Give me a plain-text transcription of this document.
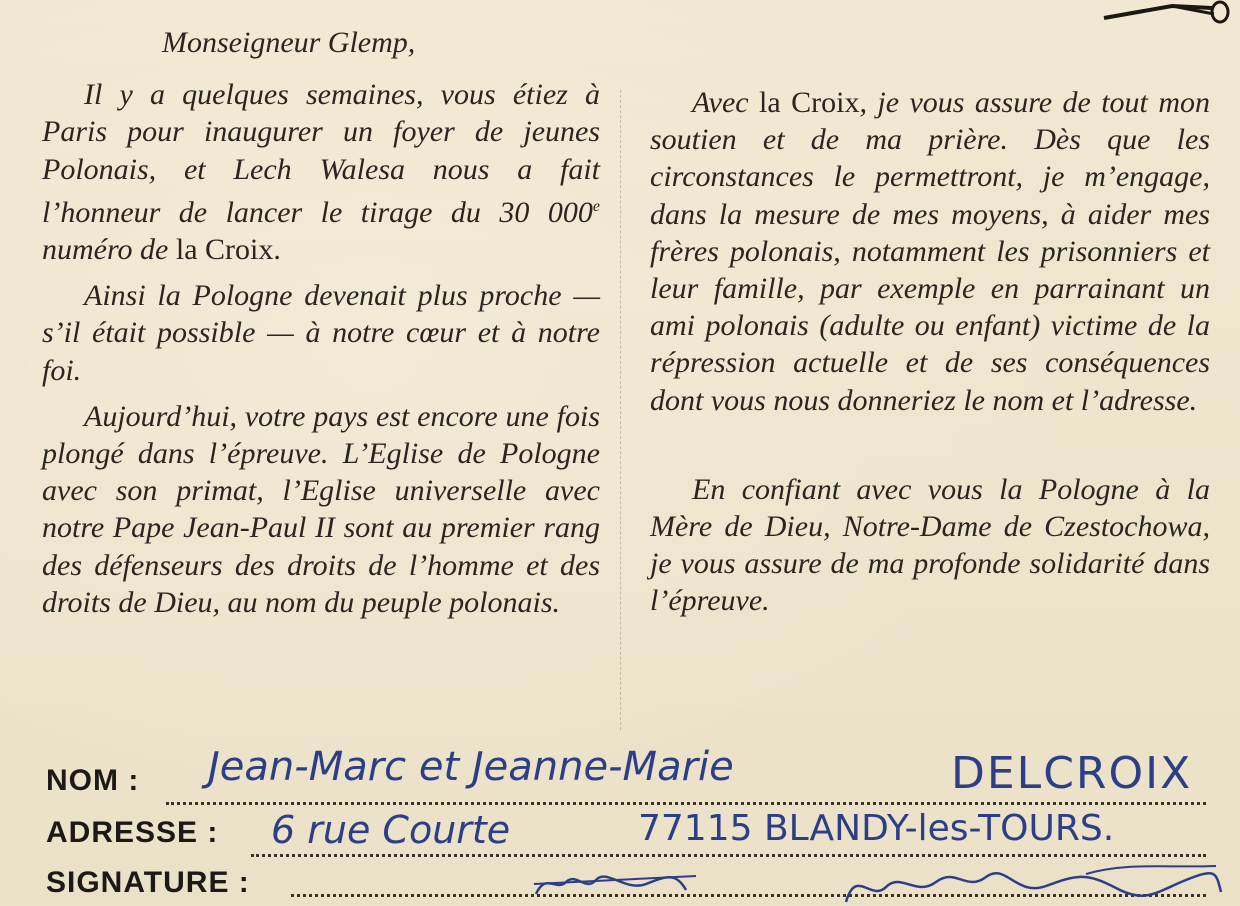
Monseigneur Glemp,

Il y a quelques semaines, vous étiez à Paris pour inaugurer un foyer de jeunes Polonais, et Lech Walesa nous a fait l’honneur de lancer le tirage du 30 000e numéro de la Croix.

Ainsi la Pologne devenait plus proche — s’il était possible — à notre cœur et à notre foi.

Aujourd’hui, votre pays est encore une fois plongé dans l’épreuve. L’Eglise de Pologne avec son primat, l’Eglise universelle avec notre Pape Jean-Paul II sont au premier rang des défenseurs des droits de l’homme et des droits de Dieu, au nom du peuple polonais.

Avec la Croix, je vous assure de tout mon soutien et de ma prière. Dès que les circonstances le permettront, je m’engage, dans la mesure de mes moyens, à aider mes frères polonais, notamment les prisonniers et leur famille, par exemple en parrainant un ami polonais (adulte ou enfant) victime de la répression actuelle et de ses conséquences dont vous nous donneriez le nom et l’adresse.

En confiant avec vous la Pologne à la Mère de Dieu, Notre-Dame de Czestochowa, je vous assure de ma profonde solidarité dans l’épreuve.

NOM : Jean-Marc et Jeanne-Marie	DELCROIX
ADRESSE : 6 rue Courte	77115 BLANDY-les-TOURS.
SIGNATURE :
